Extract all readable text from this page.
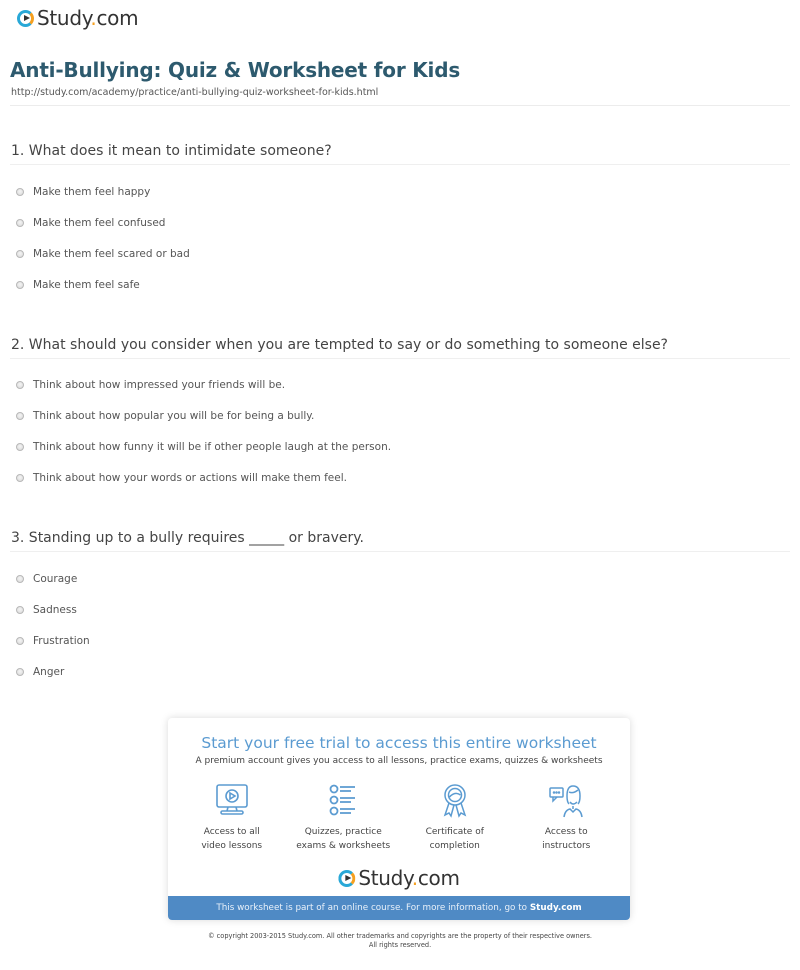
Study.com
Anti-Bullying: Quiz & Worksheet for Kids
http://study.com/academy/practice/anti-bullying-quiz-worksheet-for-kids.html
1. What does it mean to intimidate someone?
Make them feel happy
Make them feel confused
Make them feel scared or bad
Make them feel safe
2. What should you consider when you are tempted to say or do something to someone else?
Think about how impressed your friends will be.
Think about how popular you will be for being a bully.
Think about how funny it will be if other people laugh at the person.
Think about how your words or actions will make them feel.
3. Standing up to a bully requires _____ or bravery.
Courage
Sadness
Frustration
Anger
Start your free trial to access this entire worksheet
A premium account gives you access to all lessons, practice exams, quizzes & worksheets
Access to all
video lessons
Quizzes, practice
exams & worksheets
Certificate of
completion
Access to
instructors
Study.com
This worksheet is part of an online course. For more information, go to Study.com
© copyright 2003-2015 Study.com. All other trademarks and copyrights are the property of their respective owners.
All rights reserved.
